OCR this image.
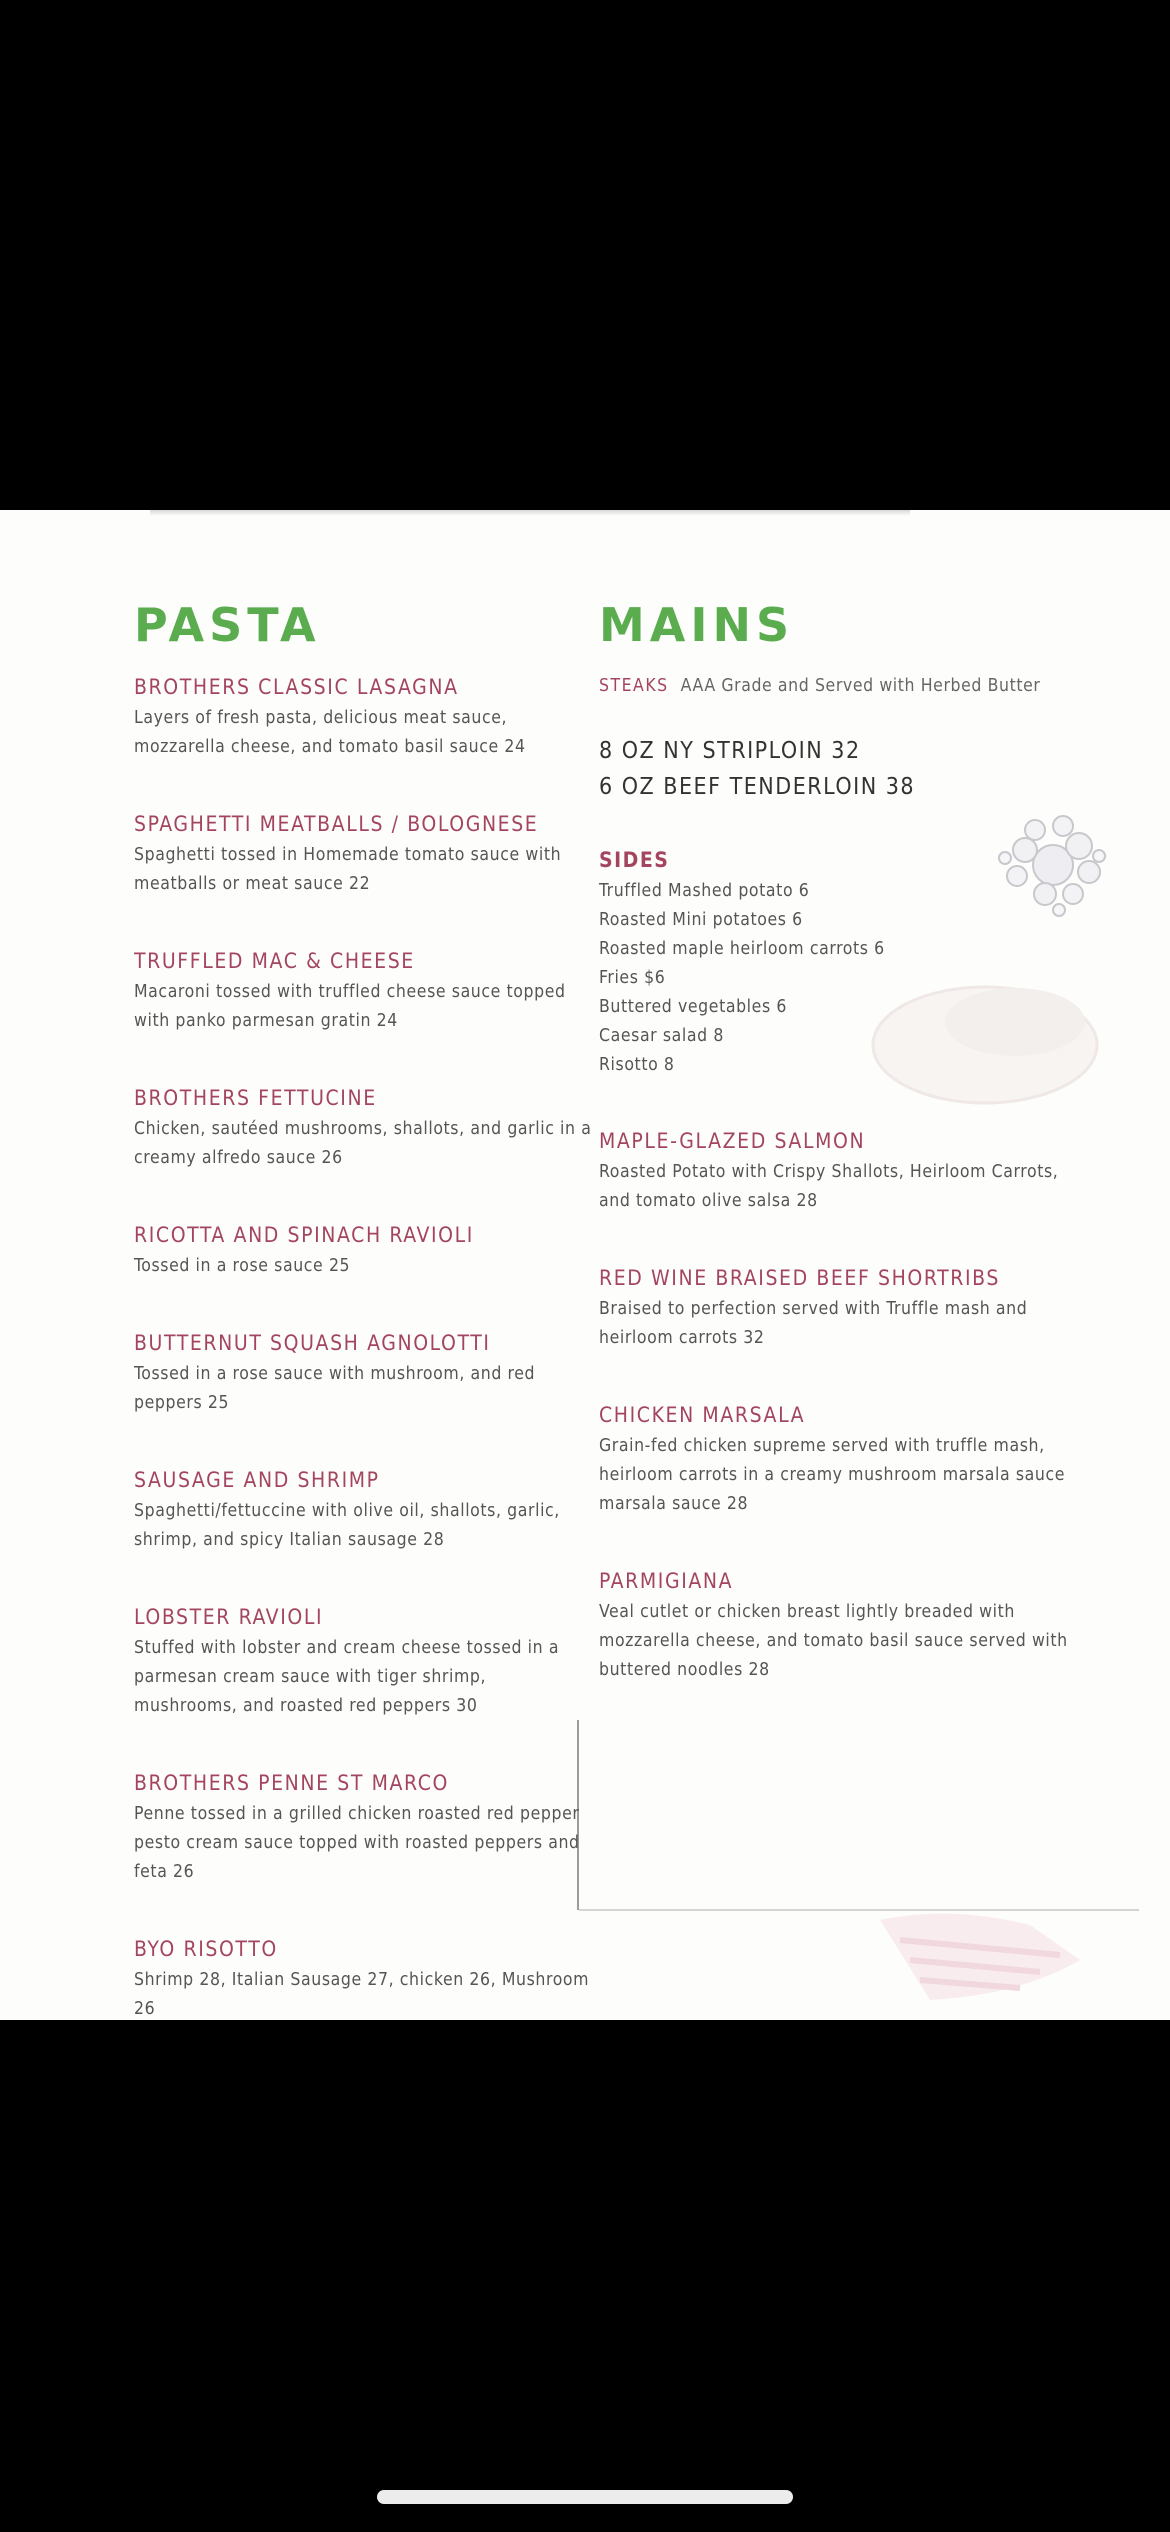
PASTA
BROTHERS CLASSIC LASAGNA

Layers of fresh pasta, delicious meat sauce, mozzarella cheese, and tomato basil sauce 24

SPAGHETTI MEATBALLS / BOLOGNESE

Spaghetti tossed in Homemade tomato sauce with meatballs or meat sauce 22

TRUFFLED MAC & CHEESE

Macaroni tossed with truffled cheese sauce topped with panko parmesan gratin 24

BROTHERS FETTUCINE

Chicken, sautéed mushrooms, shallots, and garlic in a creamy alfredo sauce 26

RICOTTA AND SPINACH RAVIOLI

Tossed in a rose sauce 25

BUTTERNUT SQUASH AGNOLOTTI

Tossed in a rose sauce with mushroom, and red peppers 25

SAUSAGE AND SHRIMP

Spaghetti/fettuccine with olive oil, shallots, garlic, shrimp, and spicy Italian sausage 28

LOBSTER RAVIOLI

Stuffed with lobster and cream cheese tossed in a parmesan cream sauce with tiger shrimp, mushrooms, and roasted red peppers 30

BROTHERS PENNE ST MARCO

Penne tossed in a grilled chicken roasted red pepper pesto cream sauce topped with roasted peppers and feta 26

BYO RISOTTO

Shrimp 28, Italian Sausage 27, chicken 26, Mushroom 26

MAINS

STEAKS AAA Grade and Served with Herbed Butter

8 OZ NY STRIPLOIN 32
6 OZ BEEF TENDERLOIN 38
SIDES
Truffled Mashed potato 6
Roasted Mini potatoes 6
Roasted maple heirloom carrots 6
Fries $6
Buttered vegetables 6
Caesar salad 8
Risotto 8
MAPLE-GLAZED SALMON

Roasted Potato with Crispy Shallots, Heirloom Carrots, and tomato olive salsa 28

RED WINE BRAISED BEEF SHORTRIBS

Braised to perfection served with Truffle mash and heirloom carrots 32

CHICKEN MARSALA

Grain-fed chicken supreme served with truffle mash, heirloom carrots in a creamy mushroom marsala sauce

marsala sauce 28

PARMIGIANA

Veal cutlet or chicken breast lightly breaded with mozzarella cheese, and tomato basil sauce served with buttered noodles 28
